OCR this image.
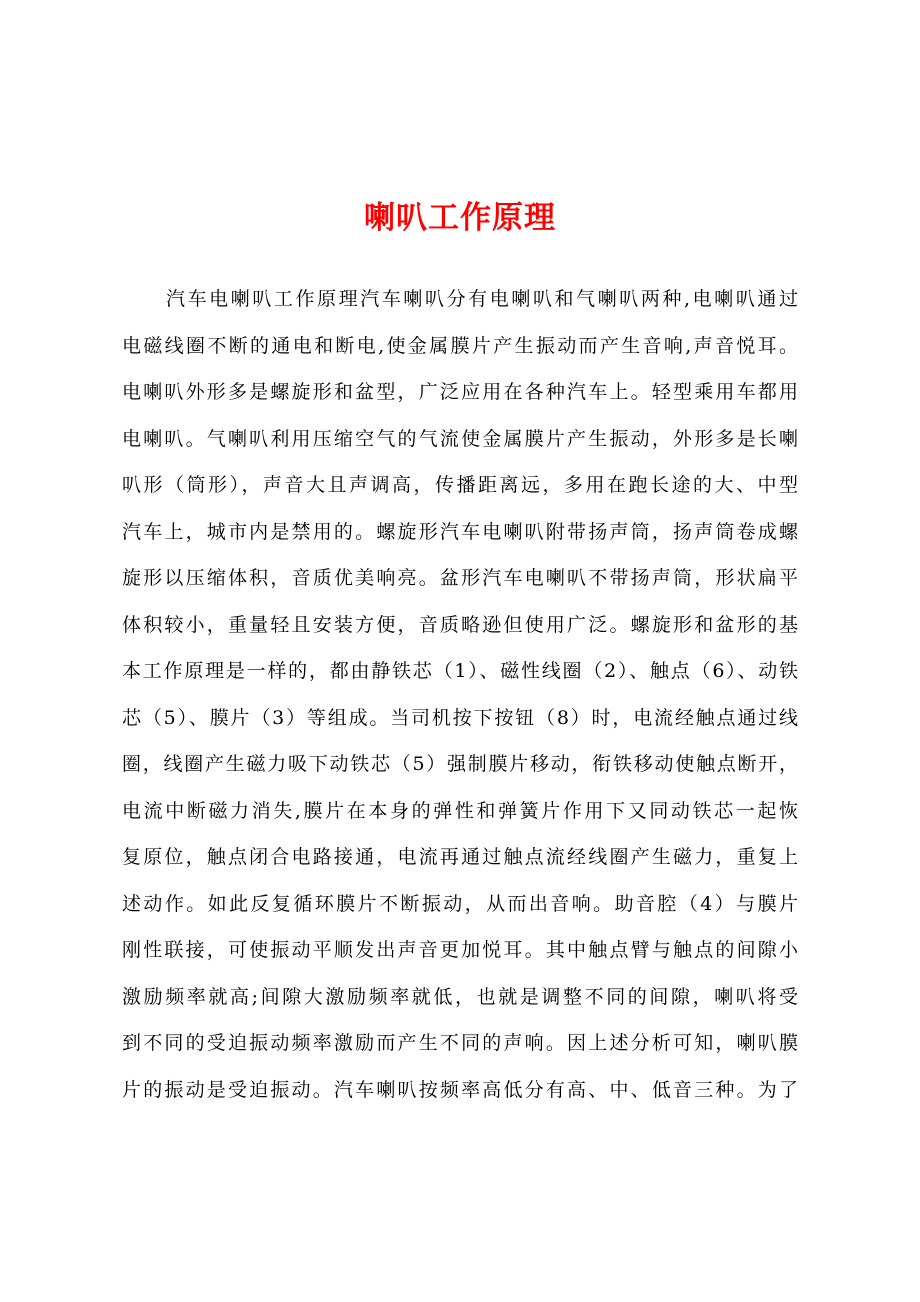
喇叭工作原理
汽车电喇叭工作原理汽车喇叭分有电喇叭和气喇叭两种,电喇叭通过
电磁线圈不断的通电和断电,使金属膜片产生振动而产生音响,声音悦耳。
电喇叭外形多是螺旋形和盆型，广泛应用在各种汽车上。轻型乘用车都用
电喇叭。气喇叭利用压缩空气的气流使金属膜片产生振动，外形多是长喇
叭形（筒形），声音大且声调高，传播距离远，多用在跑长途的大、中型
汽车上，城市内是禁用的。螺旋形汽车电喇叭附带扬声筒，扬声筒卷成螺
旋形以压缩体积，音质优美响亮。盆形汽车电喇叭不带扬声筒，形状扁平
体积较小，重量轻且安装方便，音质略逊但使用广泛。螺旋形和盆形的基
本工作原理是一样的，都由静铁芯（1）、磁性线圈（2）、触点（6）、动铁
芯（5）、膜片（3）等组成。当司机按下按钮（8）时，电流经触点通过线
圈，线圈产生磁力吸下动铁芯（5）强制膜片移动，衔铁移动使触点断开，
电流中断磁力消失,膜片在本身的弹性和弹簧片作用下又同动铁芯一起恢
复原位，触点闭合电路接通，电流再通过触点流经线圈产生磁力，重复上
述动作。如此反复循环膜片不断振动，从而出音响。助音腔（4）与膜片
刚性联接，可使振动平顺发出声音更加悦耳。其中触点臂与触点的间隙小
激励频率就高;间隙大激励频率就低，也就是调整不同的间隙，喇叭将受
到不同的受迫振动频率激励而产生不同的声响。因上述分析可知，喇叭膜
片的振动是受迫振动。汽车喇叭按频率高低分有高、中、低音三种。为了
